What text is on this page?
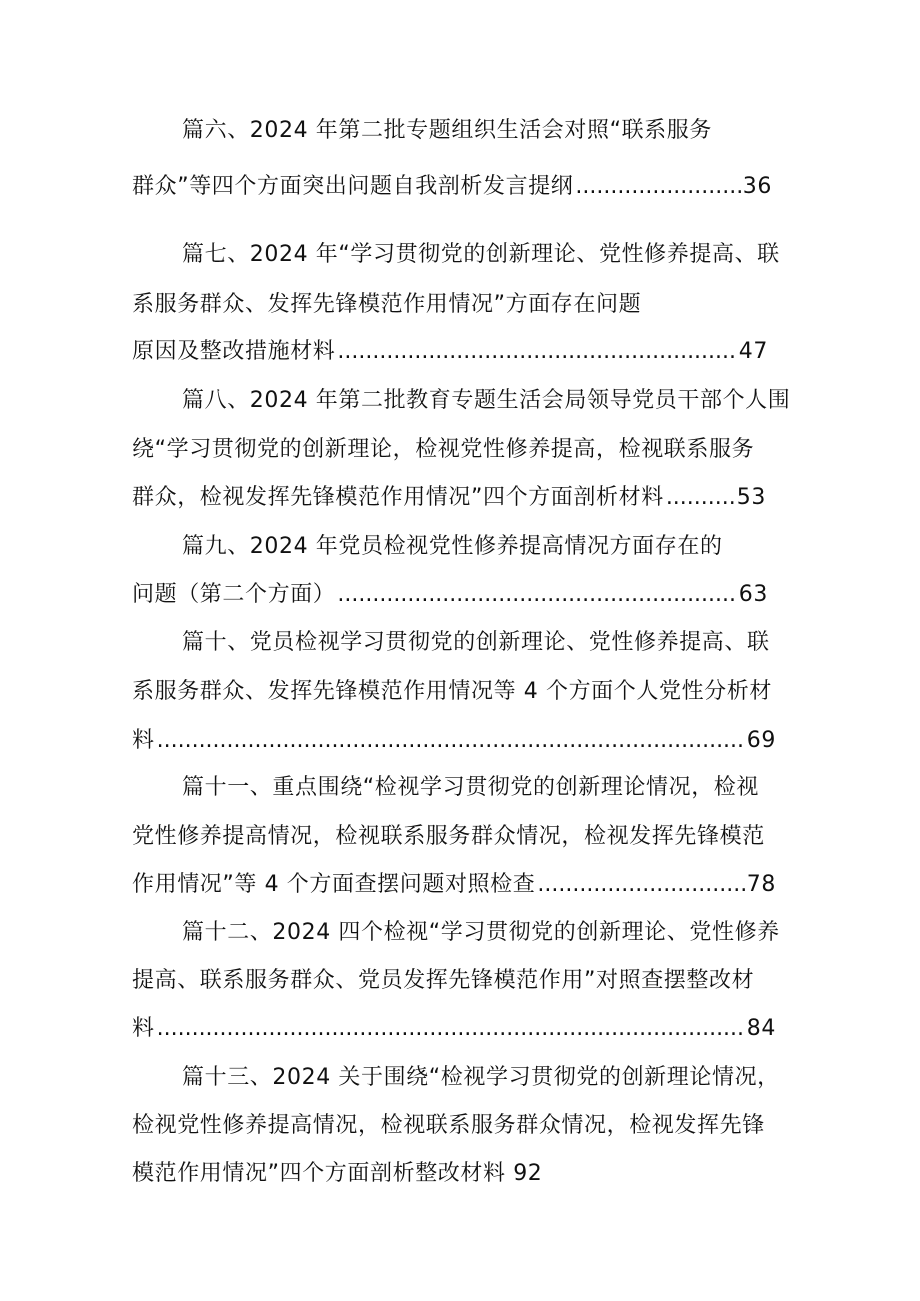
篇六、2024 年第二批专题组织生活会对照“联系服务
群众”等四个方面突出问题自我剖析发言提纲 .....	36
篇七、2024 年“学习贯彻党的创新理论、党性修养提高、联
系服务群众、发挥先锋模范作用情况”方面存在问题
原因及整改措施材料 .....	47
篇八、2024 年第二批教育专题生活会局领导党员干部个人围
绕“学习贯彻党的创新理论，检视党性修养提高，检视联系服务
群众，检视发挥先锋模范作用情况”四个方面剖析材料 .....	53
篇九、2024 年党员检视党性修养提高情况方面存在的
问题（第二个方面） .....	63
篇十、党员检视学习贯彻党的创新理论、党性修养提高、联
系服务群众、发挥先锋模范作用情况等 4 个方面个人党性分析材
料 .....	69
篇十一、重点围绕“检视学习贯彻党的创新理论情况，检视
党性修养提高情况，检视联系服务群众情况，检视发挥先锋模范
作用情况”等 4 个方面查摆问题对照检查 .....	78
篇十二、2024 四个检视“学习贯彻党的创新理论、党性修养
提高、联系服务群众、党员发挥先锋模范作用”对照查摆整改材
料 .....	84
篇十三、2024 关于围绕“检视学习贯彻党的创新理论情况，
检视党性修养提高情况，检视联系服务群众情况，检视发挥先锋
模范作用情况”四个方面剖析整改材料 92
